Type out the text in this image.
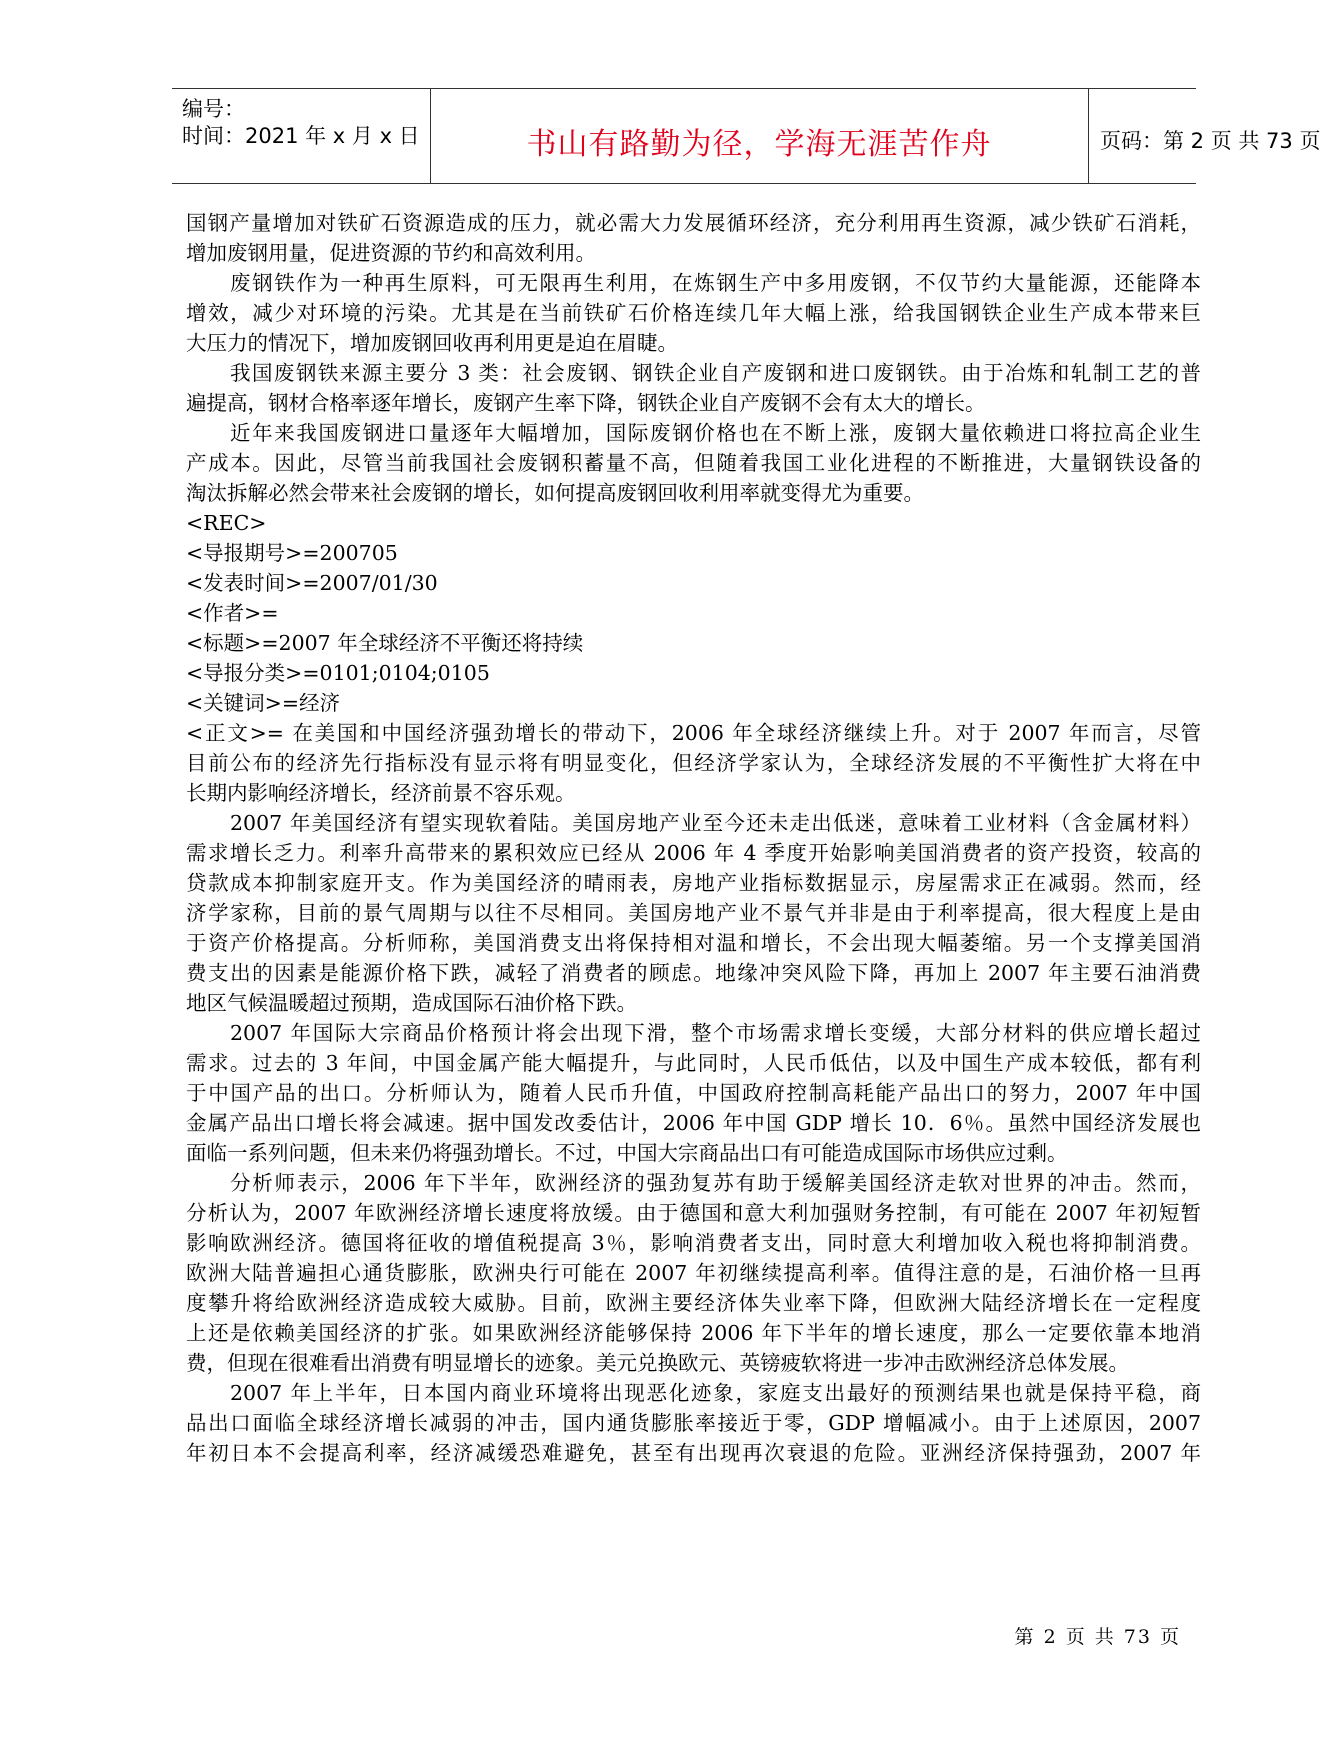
编号：
时间：2021 年 x 月 x 日	书山有路勤为径，学海无涯苦作舟	页码：第 2 页 共 73 页
国钢产量增加对铁矿石资源造成的压力，就必需大力发展循环经济，充分利用再生资源，减少铁矿石消耗，
增加废钢用量，促进资源的节约和高效利用。
废钢铁作为一种再生原料，可无限再生利用，在炼钢生产中多用废钢，不仅节约大量能源，还能降本
增效，减少对环境的污染。尤其是在当前铁矿石价格连续几年大幅上涨，给我国钢铁企业生产成本带来巨
大压力的情况下，增加废钢回收再利用更是迫在眉睫。
我国废钢铁来源主要分 3 类：社会废钢、钢铁企业自产废钢和进口废钢铁。由于冶炼和轧制工艺的普
遍提高，钢材合格率逐年增长，废钢产生率下降，钢铁企业自产废钢不会有太大的增长。
近年来我国废钢进口量逐年大幅增加，国际废钢价格也在不断上涨，废钢大量依赖进口将拉高企业生
产成本。因此，尽管当前我国社会废钢积蓄量不高，但随着我国工业化进程的不断推进，大量钢铁设备的
淘汰拆解必然会带来社会废钢的增长，如何提高废钢回收利用率就变得尤为重要。
<REC>
<导报期号>=200705
<发表时间>=2007/01/30
<作者>=
<标题>=2007 年全球经济不平衡还将持续
<导报分类>=0101;0104;0105
<关键词>=经济
<正文>= 在美国和中国经济强劲增长的带动下，2006 年全球经济继续上升。对于 2007 年而言，尽管
目前公布的经济先行指标没有显示将有明显变化，但经济学家认为，全球经济发展的不平衡性扩大将在中
长期内影响经济增长，经济前景不容乐观。
2007 年美国经济有望实现软着陆。美国房地产业至今还未走出低迷，意味着工业材料（含金属材料）
需求增长乏力。利率升高带来的累积效应已经从 2006 年 4 季度开始影响美国消费者的资产投资，较高的
贷款成本抑制家庭开支。作为美国经济的晴雨表，房地产业指标数据显示，房屋需求正在减弱。然而，经
济学家称，目前的景气周期与以往不尽相同。美国房地产业不景气并非是由于利率提高，很大程度上是由
于资产价格提高。分析师称，美国消费支出将保持相对温和增长，不会出现大幅萎缩。另一个支撑美国消
费支出的因素是能源价格下跌，减轻了消费者的顾虑。地缘冲突风险下降，再加上 2007 年主要石油消费
地区气候温暖超过预期，造成国际石油价格下跌。
2007 年国际大宗商品价格预计将会出现下滑，整个市场需求增长变缓，大部分材料的供应增长超过
需求。过去的 3 年间，中国金属产能大幅提升，与此同时，人民币低估，以及中国生产成本较低，都有利
于中国产品的出口。分析师认为，随着人民币升值，中国政府控制高耗能产品出口的努力，2007 年中国
金属产品出口增长将会减速。据中国发改委估计，2006 年中国 GDP 增长 10．6％。虽然中国经济发展也
面临一系列问题，但未来仍将强劲增长。不过，中国大宗商品出口有可能造成国际市场供应过剩。
分析师表示，2006 年下半年，欧洲经济的强劲复苏有助于缓解美国经济走软对世界的冲击。然而，
分析认为，2007 年欧洲经济增长速度将放缓。由于德国和意大利加强财务控制，有可能在 2007 年初短暂
影响欧洲经济。德国将征收的增值税提高 3％，影响消费者支出，同时意大利增加收入税也将抑制消费。
欧洲大陆普遍担心通货膨胀，欧洲央行可能在 2007 年初继续提高利率。值得注意的是，石油价格一旦再
度攀升将给欧洲经济造成较大威胁。目前，欧洲主要经济体失业率下降，但欧洲大陆经济增长在一定程度
上还是依赖美国经济的扩张。如果欧洲经济能够保持 2006 年下半年的增长速度，那么一定要依靠本地消
费，但现在很难看出消费有明显增长的迹象。美元兑换欧元、英镑疲软将进一步冲击欧洲经济总体发展。
2007 年上半年，日本国内商业环境将出现恶化迹象，家庭支出最好的预测结果也就是保持平稳，商
品出口面临全球经济增长减弱的冲击，国内通货膨胀率接近于零，GDP 增幅减小。由于上述原因，2007
年初日本不会提高利率，经济减缓恐难避免，甚至有出现再次衰退的危险。亚洲经济保持强劲，2007 年
第 2 页 共 73 页
